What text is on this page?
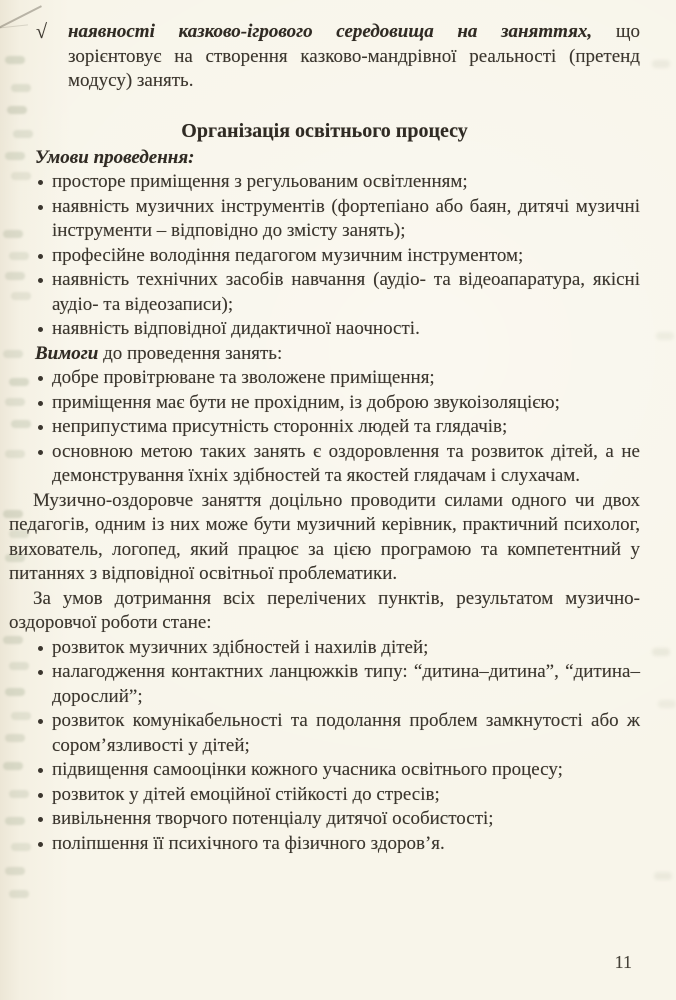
√ наявності казково-ігрового середовища на заняттях, що зорієнтовує на створення казково-мандрівної реальності (претенд модусу) занять.
Організація освітнього процесу

Умови проведення:

просторе приміщення з регульованим освітленням;
наявність музичних інструментів (фортепіано або баян, дитячі музичні інструменти – відповідно до змісту занять);
професійне володіння педагогом музичним інструментом;
наявність технічних засобів навчання (аудіо- та відеоапаратура, якісні аудіо- та відеозаписи);
наявність відповідної дидактичної наочності.

Вимоги до проведення занять:

добре провітрюване та зволожене приміщення;
приміщення має бути не прохідним, із доброю звукоізоляцією;
неприпустима присутність сторонніх людей та глядачів;
основною метою таких занять є оздоровлення та розвиток дітей, а не демонстрування їхніх здібностей та якостей глядачам і слухачам.

Музично-оздоровче заняття доцільно проводити силами одного чи двох педагогів, одним із них може бути музичний керівник, практичний психолог, вихователь, логопед, який працює за цією програмою та компетентний у питаннях з відповідної освітньої проблематики.

За умов дотримання всіх перелічених пунктів, результатом музично-оздоровчої роботи стане:

розвиток музичних здібностей і нахилів дітей;
налагодження контактних ланцюжків типу: “дитина–дитина”, “дитина–дорослий”;
розвиток комунікабельності та подолання проблем замкнутості або ж сором’язливості у дітей;
підвищення самооцінки кожного учасника освітнього процесу;
розвиток у дітей емоційної стійкості до стресів;
вивільнення творчого потенціалу дитячої особистості;
поліпшення її психічного та фізичного здоров’я.
11
